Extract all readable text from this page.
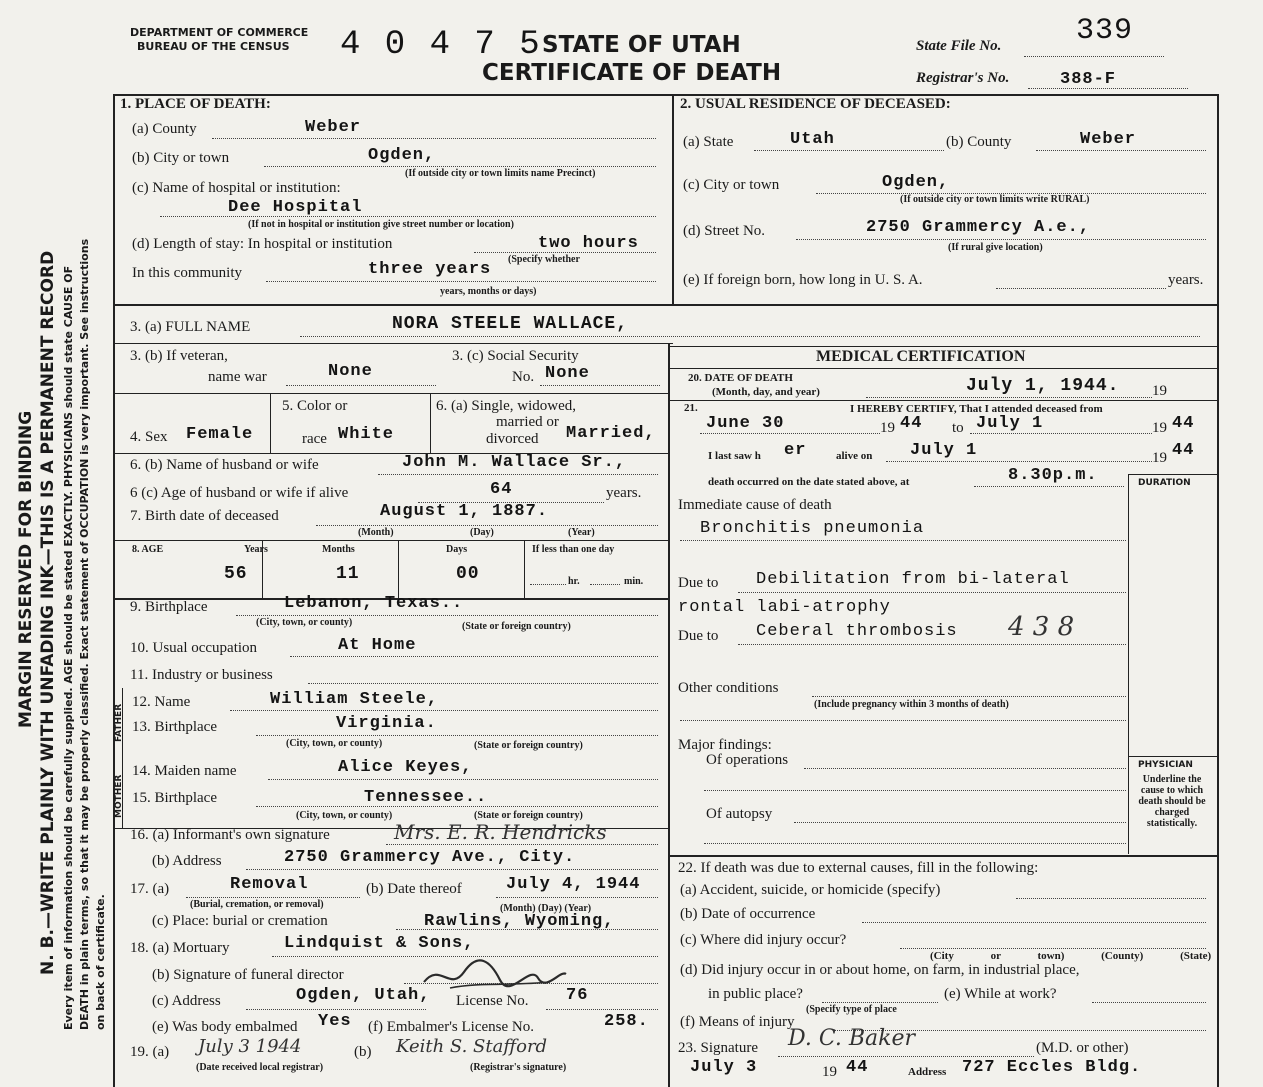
MARGIN RESERVED FOR BINDING N. B.—WRITE PLAINLY WITH UNFADING INK—THIS IS A PERMANENT RECORD Every item of information should be carefully supplied. AGE should be stated EXACTLY. PHYSICIANS should state CAUSE OF DEATH in plain terms, so that it may be properly classified. Exact statement of OCCUPATION is very important. See instructions on back of certificate.
DEPARTMENT OF COMMERCE
BUREAU OF THE CENSUS 4 0 4 7 5 STATE OF UTAH
CERTIFICATE OF DEATH
State File No. 339
Registrar's No.	388-F
1. PLACE OF DEATH:
(a) County	Weber
(b) City or town	Ogden,
(If outside city or town limits name Precinct)
(c) Name of hospital or institution:
Dee Hospital
(If not in hospital or institution give street number or location)
(d) Length of stay: In hospital or institution	two hours
(Specify whether
In this community	three years
years, months or days)
2. USUAL RESIDENCE OF DECEASED:
(a) State	Utah	(b) County	Weber
(c) City or town	Ogden,
(If outside city or town limits write RURAL)
(d) Street No.	2750 Grammercy A.e.,
(If rural give location)
(e) If foreign born, how long in U. S. A.	years.
3. (a) FULL NAME	NORA STEELE WALLACE,
3. (b) If veteran,
name war	None
3. (c) Social Security
No. None
4. Sex Female
5. Color or
race White
6. (a) Single, widowed,
married or
divorced Married,
6. (b) Name of husband or wife	John M. Wallace Sr.,
6 (c) Age of husband or wife if alive	64	years.
7. Birth date of deceased	August 1, 1887.
(Month)	(Day)	(Year)
8. AGE	Years	Months	Days	If less than one day
56	11	00	hr.	min.
9. Birthplace	Lebanon, Texas..
(City, town, or county)	(State or foreign country)
10. Usual occupation	At Home
11. Industry or business
FATHER
MOTHER
12. Name	William Steele,
13. Birthplace	Virginia.
(City, town, or county)	(State or foreign country)
14. Maiden name	Alice Keyes,
15. Birthplace	Tennessee..
(City, town, or county)	(State or foreign country)
16. (a) Informant's own signature	Mrs. E. R. Hendricks
(b) Address	2750 Grammercy Ave., City.
17. (a)	Removal
(Burial, cremation, or removal)
(b) Date thereof	July 4, 1944
(Month) (Day) (Year)
(c) Place: burial or cremation	Rawlins, Wyoming,
18. (a) Mortuary	Lindquist & Sons,
(b) Signature of funeral director
(c) Address	Ogden, Utah, License No. 76
(e) Was body embalmed Yes (f) Embalmer's License No.	258.
19. (a) July 3 1944
(Date received local registrar)
(b) Keith S. Stafford
(Registrar's signature)
MEDICAL CERTIFICATION
20. DATE OF DEATH
(Month, day, and year)	July 1, 1944. 19
21.	I HEREBY CERTIFY, That I attended deceased from
June 30	19 44 to July 1	19 44
I last saw h er	alive on July 1	19 44
death occurred on the date stated above, at	8.30p.m.	DURATION
Immediate cause of death
Bronchitis pneumonia
Due to Debilitation from bi-lateral
rontal labi-atrophy
Due to Ceberal thrombosis 4 3 8
Other conditions
(Include pregnancy within 3 months of death)
Major findings:
Of operations
Of autopsy
PHYSICIAN
Underline the cause to which death should be charged statistically.
22. If death was due to external causes, fill in the following:
(a) Accident, suicide, or homicide (specify)
(b) Date of occurrence
(c) Where did injury occur?
(City or town) (County) (State)
(d) Did injury occur in or about home, on farm, in industrial place,
in public place?	(e) While at work?
(Specify type of place
(f) Means of injury
23. Signature D. C. Baker	(M.D. or other)
July 3	19 44	Address 727 Eccles Bldg.
